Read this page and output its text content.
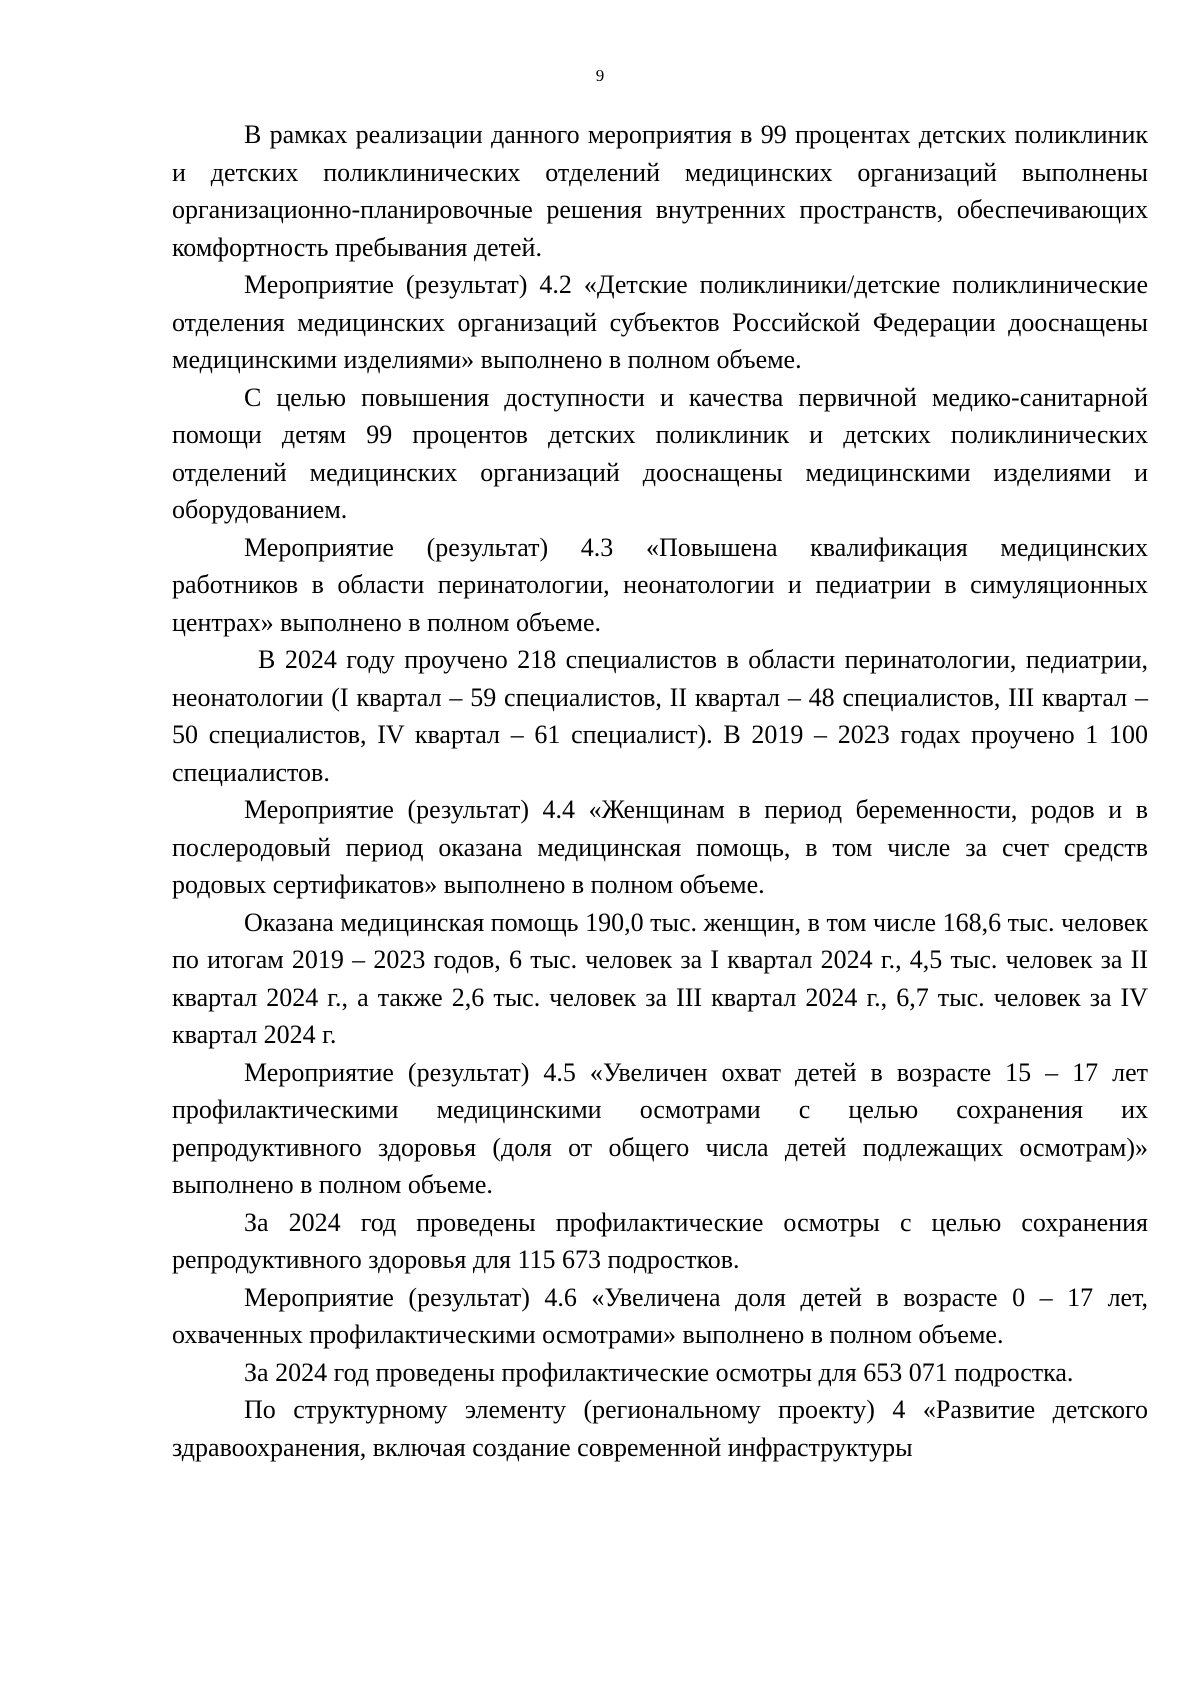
9

В рамках реализации данного мероприятия в 99 процентах детских поликлиник и детских поликлинических отделений медицинских организаций выполнены организационно-планировочные решения внутренних пространств, обеспечивающих комфортность пребывания детей.

Мероприятие (результат) 4.2 «Детские поликлиники/детские поликлинические отделения медицинских организаций субъектов Российской Федерации дооснащены медицинскими изделиями» выполнено в полном объеме.

С целью повышения доступности и качества первичной медико-санитарной помощи детям 99 процентов детских поликлиник и детских поликлинических отделений медицинских организаций дооснащены медицинскими изделиями и оборудованием.

Мероприятие (результат) 4.3 «Повышена квалификация медицинских работников в области перинатологии, неонатологии и педиатрии в симуляционных центрах» выполнено в полном объеме.

В 2024 году проучено 218 специалистов в области перинатологии, педиатрии, неонатологии (I квартал – 59 специалистов, II квартал – 48 специалистов, III квартал – 50 специалистов, IV квартал – 61 специалист). В 2019 – 2023 годах проучено 1 100 специалистов.

Мероприятие (результат) 4.4 «Женщинам в период беременности, родов и в послеродовый период оказана медицинская помощь, в том числе за счет средств родовых сертификатов» выполнено в полном объеме.

Оказана медицинская помощь 190,0 тыс. женщин, в том числе 168,6 тыс. человек по итогам 2019 – 2023 годов, 6 тыс. человек за I квартал 2024 г., 4,5 тыс. человек за II квартал 2024 г., а также 2,6 тыс. человек за III квартал 2024 г., 6,7 тыс. человек за IV квартал 2024 г.

Мероприятие (результат) 4.5 «Увеличен охват детей в возрасте 15 – 17 лет профилактическими медицинскими осмотрами с целью сохранения их репродуктивного здоровья (доля от общего числа детей подлежащих осмотрам)» выполнено в полном объеме.

За 2024 год проведены профилактические осмотры с целью сохранения репродуктивного здоровья для 115 673 подростков.

Мероприятие (результат) 4.6 «Увеличена доля детей в возрасте 0 – 17 лет, охваченных профилактическими осмотрами» выполнено в полном объеме.

За 2024 год проведены профилактические осмотры для 653 071 подростка.

По структурному элементу (региональному проекту) 4 «Развитие детского здравоохранения, включая создание современной инфраструктуры
